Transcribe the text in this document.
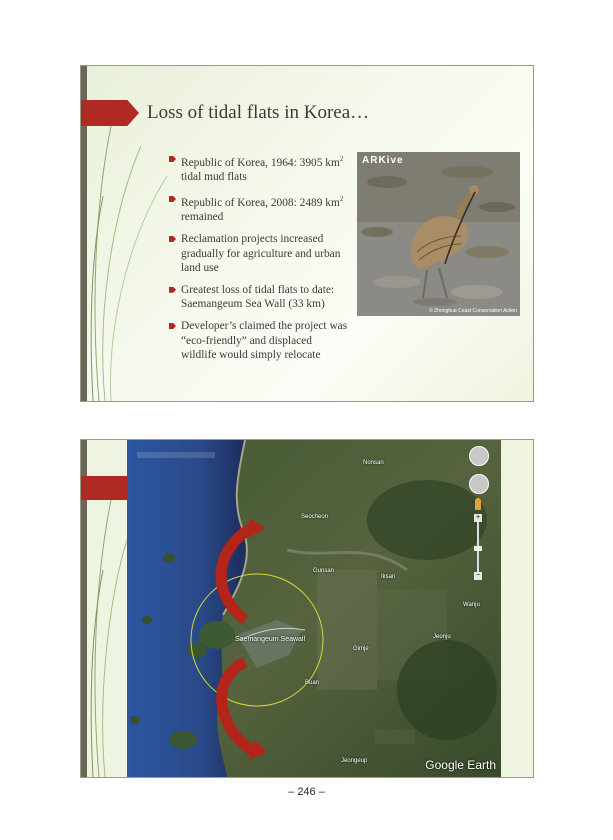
Loss of tidal flats in Korea…
Republic of Korea, 1964: 3905 $km^2$ tidal mud flats
Republic of Korea, 2008: 2489 $km^2$ remained
Reclamation projects increased gradually for agriculture and urban land use
Greatest loss of tidal flats to date: Saemangeum Sea Wall (33 km)
Developer’s claimed the project was “eco-friendly” and displaced wildlife would simply relocate
ARKive
© Zhonghua Coast Conservation Action
Nonsan
Seocheon
Gunsan
Iksan
Wanju
Jeonju
Gimje
Buan
Saemangeum Seawall
Jeongeup
+
−
Google Earth
– 246 –
